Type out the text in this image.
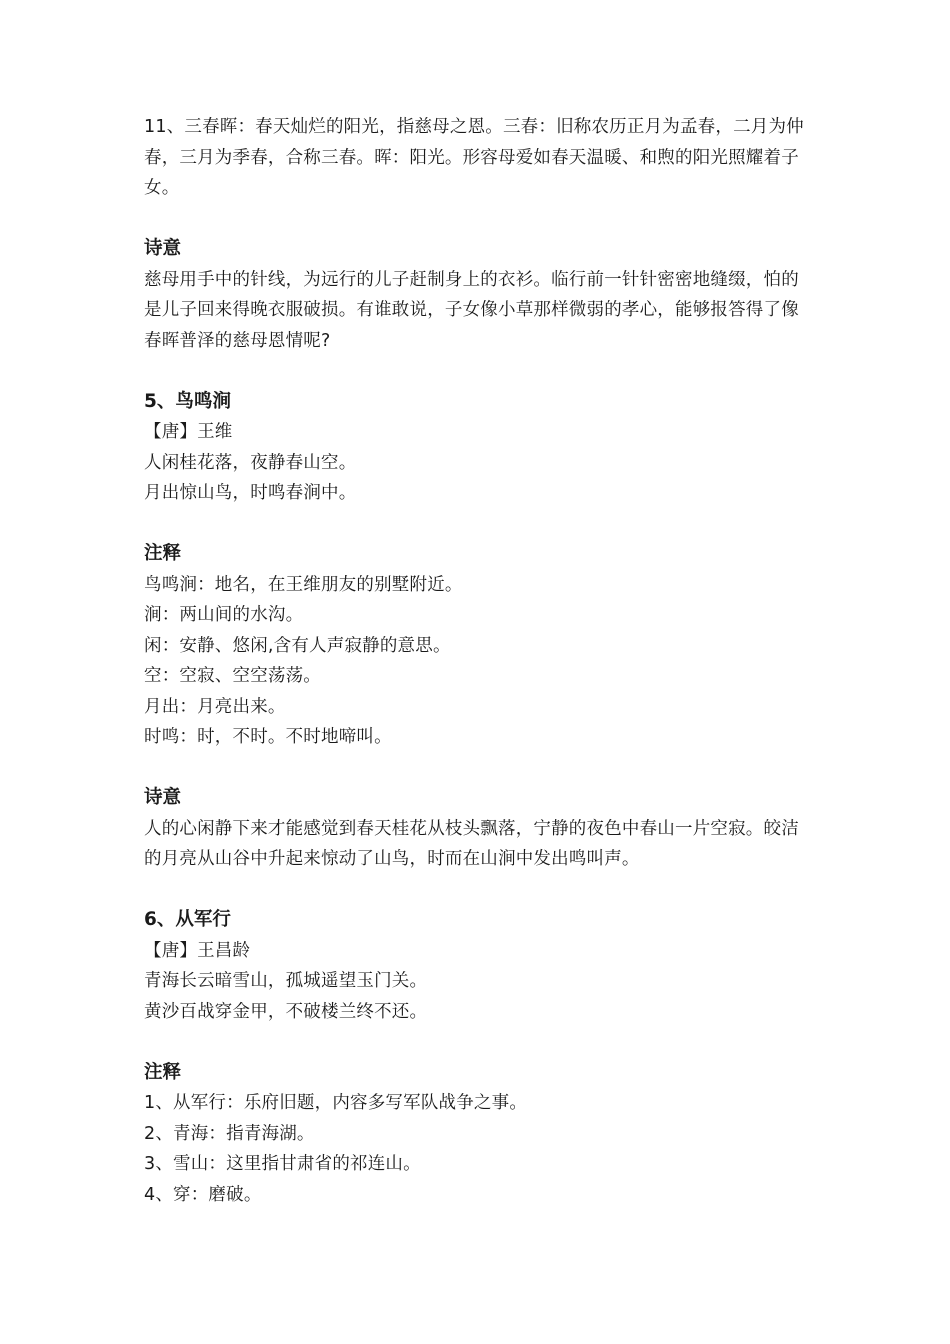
11、三春晖：春天灿烂的阳光，指慈母之恩。三春：旧称农历正月为孟春，二月为仲春，三月为季春，合称三春。晖：阳光。形容母爱如春天温暖、和煦的阳光照耀着子女。

诗意

慈母用手中的针线，为远行的儿子赶制身上的衣衫。临行前一针针密密地缝缀，怕的是儿子回来得晚衣服破损。有谁敢说，子女像小草那样微弱的孝心，能够报答得了像春晖普泽的慈母恩情呢?

5、鸟鸣涧

【唐】王维

人闲桂花落，夜静春山空。

月出惊山鸟，时鸣春涧中。

注释

鸟鸣涧：地名，在王维朋友的别墅附近。

涧：两山间的水沟。

闲：安静、悠闲,含有人声寂静的意思。

空：空寂、空空荡荡。

月出：月亮出来。

时鸣：时，不时。不时地啼叫。

诗意

人的心闲静下来才能感觉到春天桂花从枝头飘落，宁静的夜色中春山一片空寂。皎洁的月亮从山谷中升起来惊动了山鸟，时而在山涧中发出鸣叫声。

6、从军行

【唐】王昌龄

青海长云暗雪山，孤城遥望玉门关。

黄沙百战穿金甲，不破楼兰终不还。

注释

1、从军行：乐府旧题，内容多写军队战争之事。

2、青海：指青海湖。

3、雪山：这里指甘肃省的祁连山。

4、穿：磨破。
